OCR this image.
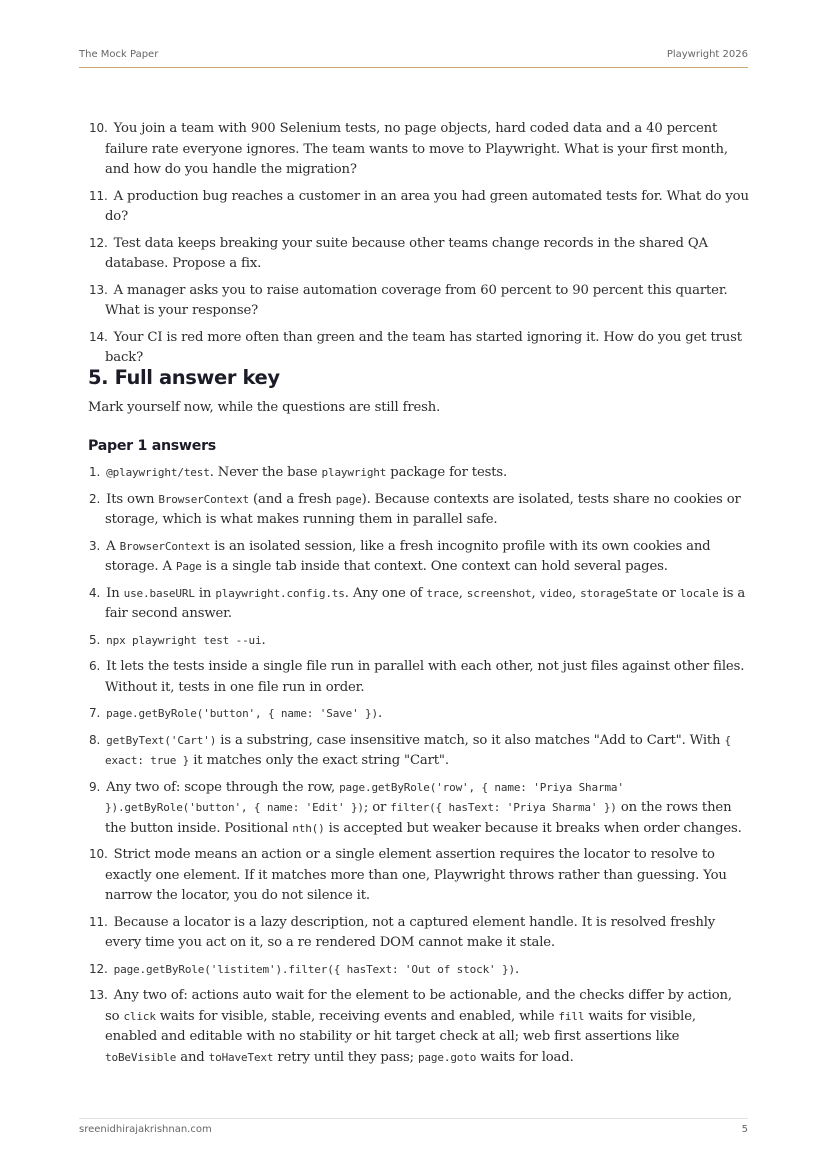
The Mock Paper	Playwright 2026
10. You join a team with 900 Selenium tests, no page objects, hard coded data and a 40 percent failure rate everyone ignores. The team wants to move to Playwright. What is your first month, and how do you handle the migration?
11. A production bug reaches a customer in an area you had green automated tests for. What do you do?
12. Test data keeps breaking your suite because other teams change records in the shared QA database. Propose a fix.
13. A manager asks you to raise automation coverage from 60 percent to 90 percent this quarter. What is your response?
14. Your CI is red more often than green and the team has started ignoring it. How do you get trust back?
5. Full answer key

Mark yourself now, while the questions are still fresh.

Paper 1 answers
1. @playwright/test. Never the base playwright package for tests.
2. Its own BrowserContext (and a fresh page). Because contexts are isolated, tests share no cookies or storage, which is what makes running them in parallel safe.
3. A BrowserContext is an isolated session, like a fresh incognito profile with its own cookies and storage. A Page is a single tab inside that context. One context can hold several pages.
4. In use.baseURL in playwright.config.ts. Any one of trace, screenshot, video, storageState or locale is a fair second answer.
5. npx playwright test --ui.
6. It lets the tests inside a single file run in parallel with each other, not just files against other files. Without it, tests in one file run in order.
7. page.getByRole('button', { name: 'Save' }).
8. getByText('Cart') is a substring, case insensitive match, so it also matches "Add to Cart". With { exact: true } it matches only the exact string "Cart".
9. Any two of: scope through the row, page.getByRole('row', { name: 'Priya Sharma' }).getByRole('button', { name: 'Edit' }); or filter({ hasText: 'Priya Sharma' }) on the rows then the button inside. Positional nth() is accepted but weaker because it breaks when order changes.
10. Strict mode means an action or a single element assertion requires the locator to resolve to exactly one element. If it matches more than one, Playwright throws rather than guessing. You narrow the locator, you do not silence it.
11. Because a locator is a lazy description, not a captured element handle. It is resolved freshly every time you act on it, so a re rendered DOM cannot make it stale.
12. page.getByRole('listitem').filter({ hasText: 'Out of stock' }).
13. Any two of: actions auto wait for the element to be actionable, and the checks differ by action, so click waits for visible, stable, receiving events and enabled, while fill waits for visible, enabled and editable with no stability or hit target check at all; web first assertions like toBeVisible and toHaveText retry until they pass; page.goto waits for load.
sreenidhirajakrishnan.com	5
